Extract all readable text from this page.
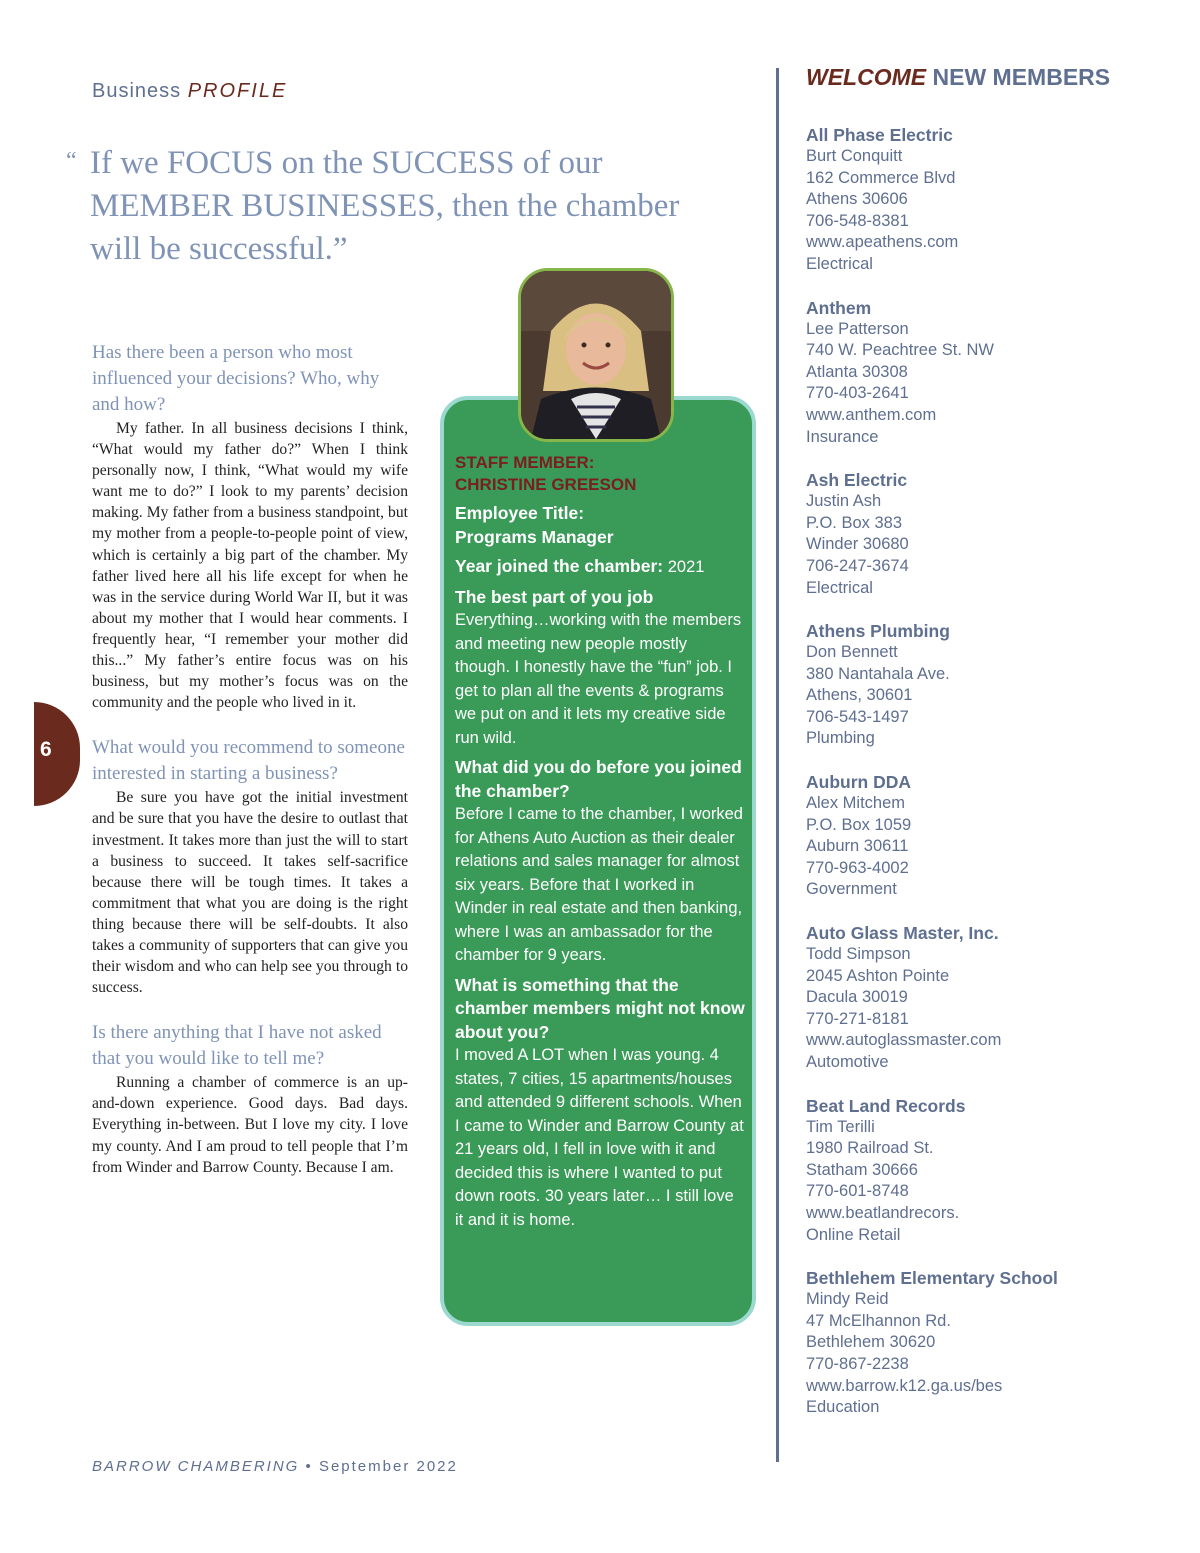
Business PROFILE
“ If we FOCUS on the SUCCESS of our MEMBER BUSINESSES, then the chamber will be successful.”
6

Has there been a person who most influenced your decisions? Who, why and how?

My father. In all business decisions I think, “What would my father do?” When I think personally now, I think, “What would my wife want me to do?” I look to my parents’ decision making. My father from a business standpoint, but my mother from a people-to-people point of view, which is certainly a big part of the chamber. My father lived here all his life except for when he was in the service during World War II, but it was about my mother that I would hear comments. I frequently hear, “I remember your mother did this...” My father’s entire focus was on his business, but my mother’s focus was on the community and the people who lived in it.

What would you recommend to someone interested in starting a business?

Be sure you have got the initial investment and be sure that you have the desire to outlast that investment. It takes more than just the will to start a business to succeed. It takes self-sacrifice because there will be tough times. It takes a commitment that what you are doing is the right thing because there will be self-doubts. It also takes a community of supporters that can give you their wisdom and who can help see you through to success.

Is there anything that I have not asked that you would like to tell me?

Running a chamber of commerce is an up-and-down experience. Good days. Bad days. Everything in-between. But I love my city. I love my county. And I am proud to tell people that I’m from Winder and Barrow County. Because I am.

STAFF MEMBER:
CHRISTINE GREESON

Employee Title:

Programs Manager

Year joined the chamber: 2021

The best part of you job

Everything…working with the members and meeting new people mostly though. I honestly have the “fun” job. I get to plan all the events & programs we put on and it lets my creative side run wild.

What did you do before you joined the chamber?

Before I came to the chamber, I worked for Athens Auto Auction as their dealer relations and sales manager for almost six years. Before that I worked in Winder in real estate and then banking, where I was an ambassador for the chamber for 9 years.

What is something that the chamber members might not know about you?

I moved A LOT when I was young. 4 states, 7 cities, 15 apartments/houses and attended 9 different schools. When I came to Winder and Barrow County at 21 years old, I fell in love with it and decided this is where I wanted to put down roots. 30 years later… I still love it and it is home.

WELCOME NEW MEMBERS
All Phase Electric
Burt Conquitt
162 Commerce Blvd
Athens 30606
706-548-8381
www.apeathens.com
Electrical
Anthem
Lee Patterson
740 W. Peachtree St. NW
Atlanta 30308
770-403-2641
www.anthem.com
Insurance
Ash Electric
Justin Ash
P.O. Box 383
Winder 30680
706-247-3674
Electrical
Athens Plumbing
Don Bennett
380 Nantahala Ave.
Athens, 30601
706-543-1497
Plumbing
Auburn DDA
Alex Mitchem
P.O. Box 1059
Auburn 30611
770-963-4002
Government
Auto Glass Master, Inc.
Todd Simpson
2045 Ashton Pointe
Dacula 30019
770-271-8181
www.autoglassmaster.com
Automotive
Beat Land Records
Tim Terilli
1980 Railroad St.
Statham 30666
770-601-8748
www.beatlandrecors.
Online Retail
Bethlehem Elementary School
Mindy Reid
47 McElhannon Rd.
Bethlehem 30620
770-867-2238
www.barrow.k12.ga.us/bes
Education
BARROW CHAMBERING • September 2022
